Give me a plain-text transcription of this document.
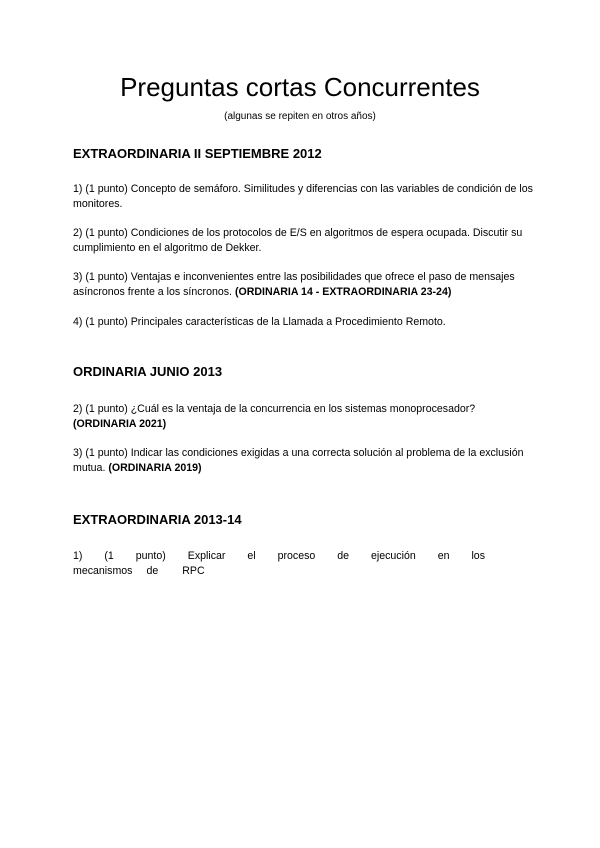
Preguntas cortas Concurrentes
(algunas se repiten en otros años)
EXTRAORDINARIA II SEPTIEMBRE 2012
1) (1 punto) Concepto de semáforo. Similitudes y diferencias con las variables de condición de los monitores.
2) (1 punto) Condiciones de los protocolos de E/S en algoritmos de espera ocupada. Discutir su cumplimiento en el algoritmo de Dekker.
3) (1 punto) Ventajas e inconvenientes entre las posibilidades que ofrece el paso de mensajes asíncronos frente a los síncronos. (ORDINARIA 14 - EXTRAORDINARIA 23-24)
4) (1 punto) Principales características de la Llamada a Procedimiento Remoto.
ORDINARIA JUNIO 2013
2) (1 punto) ¿Cuál es la ventaja de la concurrencia en los sistemas monoprocesador? (ORDINARIA 2021)
3) (1 punto) Indicar las condiciones exigidas a una correcta solución al problema de la exclusión mutua. (ORDINARIA 2019)
EXTRAORDINARIA 2013-14
1) (1 punto) Explicar el proceso de ejecución en los
mecanismos de RPC
